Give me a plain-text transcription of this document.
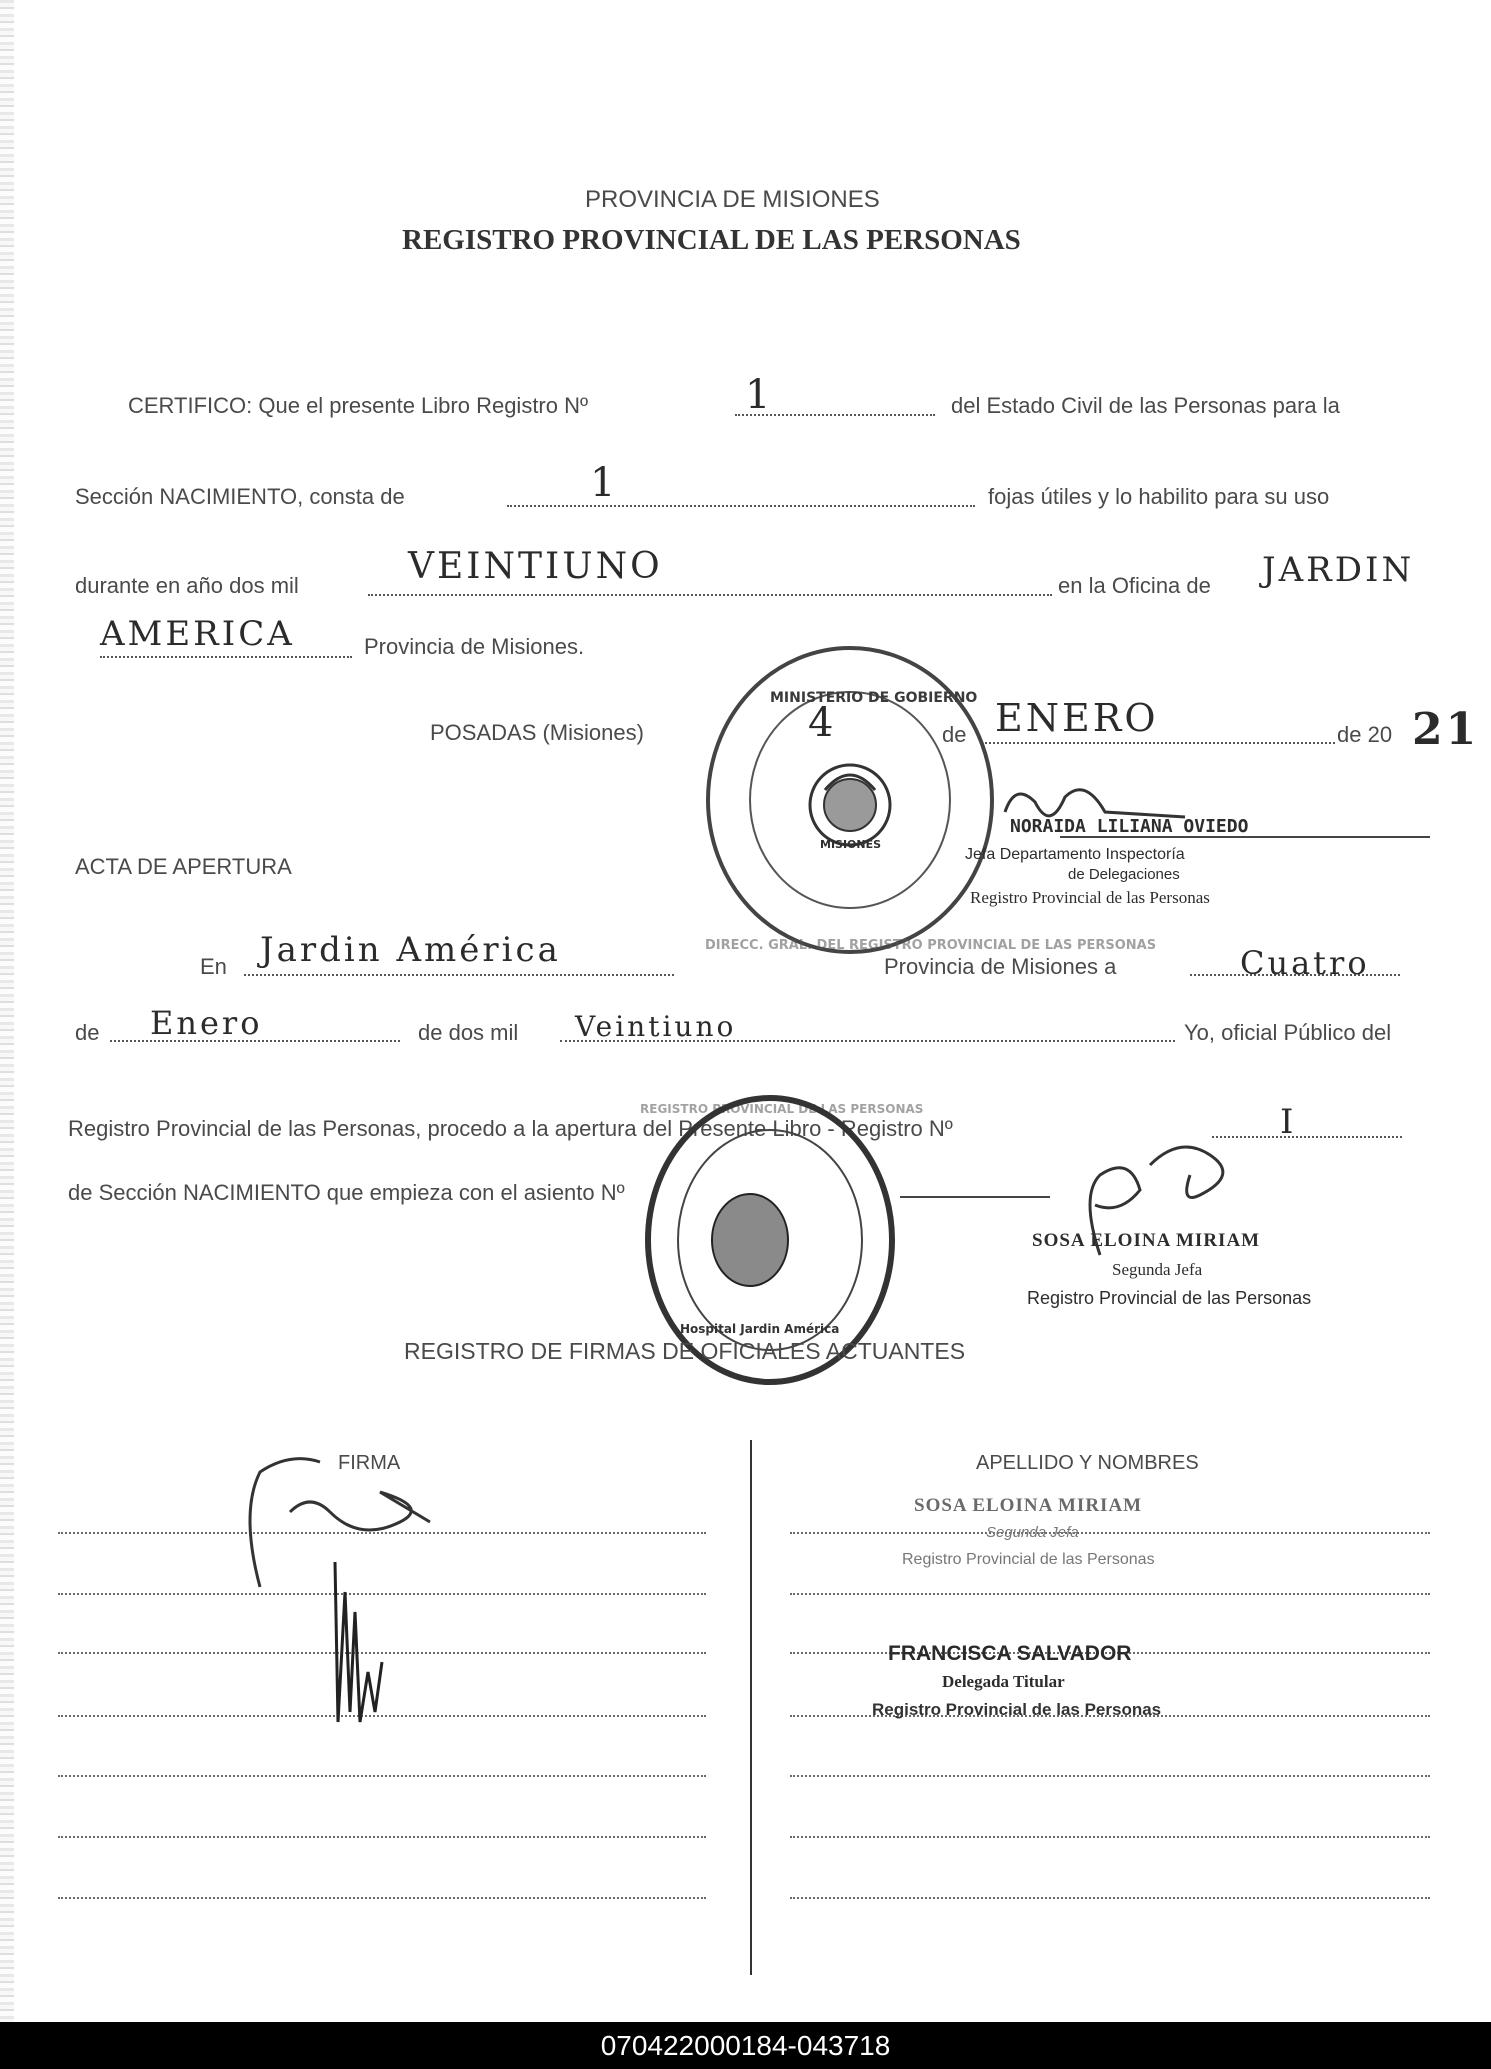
PROVINCIA DE MISIONES
REGISTRO PROVINCIAL DE LAS PERSONAS
CERTIFICO: Que el presente Libro Registro Nº	1	del Estado Civil de las Personas para la
Sección NACIMIENTO, consta de	1	fojas útiles y lo habilito para su uso
durante en año dos mil	VEINTIUNO	en la Oficina de JARDIN
AMERICA	Provincia de Misiones.
POSADAS (Misiones)	4	de ENERO	de 20 21
DIRECC. GRAL. DEL REGISTRO PROVINCIAL DE LAS PERSONAS
MINISTERIO DE GOBIERNO
MISIONES
NORAIDA LILIANA OVIEDO
Jefa Departamento Inspectoría
de Delegaciones
Registro Provincial de las Personas
ACTA DE APERTURA
En Jardin América	Provincia de Misiones a	Cuatro
de Enero	de dos mil Veintiuno	Yo, oficial Público del
Registro Provincial de las Personas, procedo a la apertura del Presente Libro - Registro Nº	I
de Sección NACIMIENTO que empieza con el asiento Nº
REGISTRO PROVINCIAL DE LAS PERSONAS
Hospital Jardin América
SOSA ELOINA MIRIAM
Segunda Jefa
Registro Provincial de las Personas
REGISTRO DE FIRMAS DE OFICIALES ACTUANTES
FIRMA	APELLIDO Y NOMBRES
SOSA ELOINA MIRIAM
Segunda Jefa
Registro Provincial de las Personas
FRANCISCA SALVADOR
Delegada Titular
Registro Provincial de las Personas
070422000184-043718
